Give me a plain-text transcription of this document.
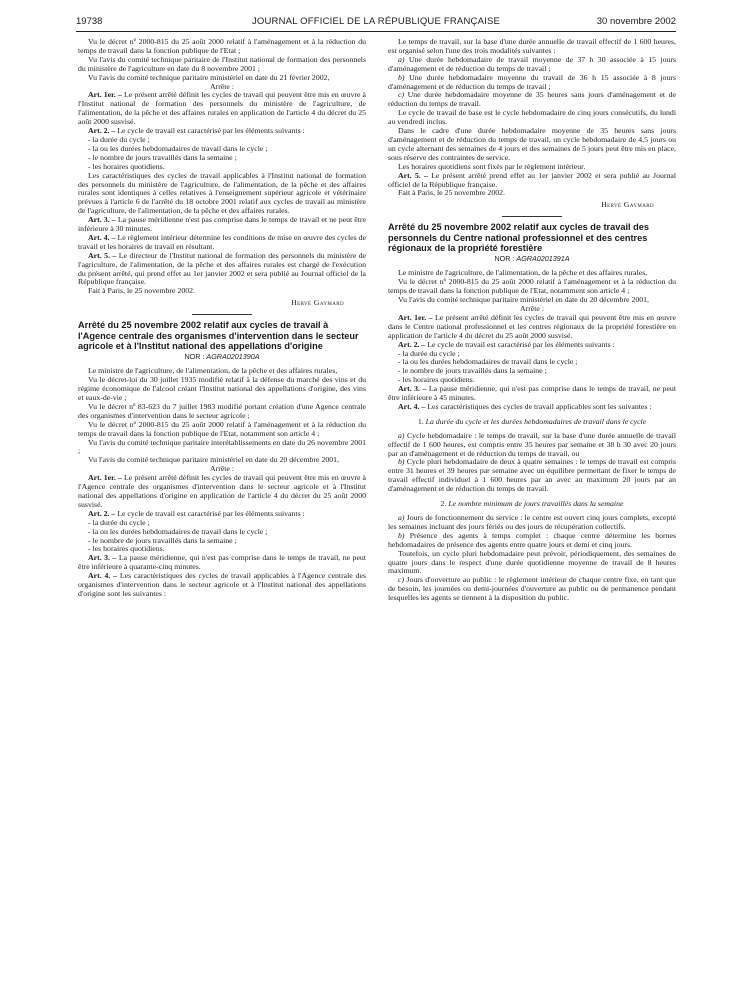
19738	JOURNAL OFFICIEL DE LA RÉPUBLIQUE FRANÇAISE	30 novembre 2002

Vu le décret nº 2000-815 du 25 août 2000 relatif à l'aménagement et à la réduction du temps de travail dans la fonction publique de l'Etat ;

Vu l'avis du comité technique paritaire de l'Institut national de formation des personnels du ministère de l'agriculture en date du 8 novembre 2001 ;

Vu l'avis du comité technique paritaire ministériel en date du 21 février 2002,

Arrête :

Art. 1er. – Le présent arrêté définit les cycles de travail qui peuvent être mis en œuvre à l'Institut national de formation des personnels du ministère de l'agriculture, de l'alimentation, de la pêche et des affaires rurales en application de l'article 4 du décret du 25 août 2000 susvisé.

Art. 2. – Le cycle de travail est caractérisé par les éléments suivants :

- la durée du cycle ;

- la ou les durées hebdomadaires de travail dans le cycle ;

- le nombre de jours travaillés dans la semaine ;

- les horaires quotidiens.

Les caractéristiques des cycles de travail applicables à l'Institut national de formation des personnels du ministère de l'agriculture, de l'alimentation, de la pêche et des affaires rurales sont identiques à celles relatives à l'enseignement supérieur agricole et vétérinaire prévues à l'article 6 de l'arrêté du 18 octobre 2001 relatif aux cycles de travail au ministère de l'agriculture, de l'alimentation, de la pêche et des affaires rurales.

Art. 3. – La pause méridienne n'est pas comprise dans le temps de travail et ne peut être inférieure à 30 minutes.

Art. 4. – Le règlement intérieur détermine les conditions de mise en œuvre des cycles de travail et les horaires de travail en résultant.

Art. 5. – Le directeur de l'Institut national de formation des personnels du ministère de l'agriculture, de l'alimentation, de la pêche et des affaires rurales est chargé de l'exécution du présent arrêté, qui prend effet au 1er janvier 2002 et sera publié au Journal officiel de la République française.

Fait à Paris, le 25 novembre 2002.

Hervé Gaymard

Arrêté du 25 novembre 2002 relatif aux cycles de travail à l'Agence centrale des organismes d'intervention dans le secteur agricole et à l'Institut national des appellations d'origine

NOR : AGRA0201390A

Le ministre de l'agriculture, de l'alimentation, de la pêche et des affaires rurales,

Vu le décret-loi du 30 juillet 1935 modifié relatif à la défense du marché des vins et du régime économique de l'alcool créant l'Institut national des appellations d'origine, des vins et eaux-de-vie ;

Vu le décret nº 83-623 du 7 juillet 1983 modifié portant création d'une Agence centrale des organismes d'intervention dans le secteur agricole ;

Vu le décret nº 2000-815 du 25 août 2000 relatif à l'aménagement et à la réduction du temps de travail dans la fonction publique de l'Etat, notamment son article 4 ;

Vu l'avis du comité technique paritaire interétablissements en date du 26 novembre 2001 ;

Vu l'avis du comité technique paritaire ministériel en date du 20 décembre 2001,

Arrête :

Art. 1er. – Le présent arrêté définit les cycles de travail qui peuvent être mis en œuvre à l'Agence centrale des organismes d'intervention dans le secteur agricole et à l'Institut national des appellations d'origine en application de l'article 4 du décret du 25 août 2000 susvisé.

Art. 2. – Le cycle de travail est caractérisé par les éléments suivants :

- la durée du cycle ;

- la ou les durées hebdomadaires de travail dans le cycle ;

- le nombre de jours travaillés dans la semaine ;

- les horaires quotidiens.

Art. 3. – La pause méridienne, qui n'est pas comprise dans le temps de travail, ne peut être inférieure à quarante-cinq minutes.

Art. 4. – Les caractéristiques des cycles de travail applicables à l'Agence centrale des organismes d'intervention dans le secteur agricole et à l'Institut national des appellations d'origine sont les suivantes :

Le temps de travail, sur la base d'une durée annuelle de travail effectif de 1 600 heures, est organisé selon l'une des trois modalités suivantes :

a) Une durée hebdomadaire de travail moyenne de 37 h 30 associée à 15 jours d'aménagement et de réduction du temps de travail ;

b) Une durée hebdomadaire moyenne du travail de 36 h 15 associée à 8 jours d'aménagement et de réduction du temps de travail ;

c) Une durée hebdomadaire moyenne de 35 heures sans jours d'aménagement et de réduction du temps de travail.

Le cycle de travail de base est le cycle hebdomadaire de cinq jours consécutifs, du lundi au vendredi inclus.

Dans le cadre d'une durée hebdomadaire moyenne de 35 heures sans jours d'aménagement et de réduction du temps de travail, un cycle hebdomadaire de 4,5 jours ou un cycle alternant des semaines de 4 jours et des semaines de 5 jours peut être mis en place, sous réserve des contraintes de service.

Les horaires quotidiens sont fixés par le règlement intérieur.

Art. 5. – Le présent arrêté prend effet au 1er janvier 2002 et sera publié au Journal officiel de la République française.

Fait à Paris, le 25 novembre 2002.

Hervé Gaymard

Arrêté du 25 novembre 2002 relatif aux cycles de travail des personnels du Centre national professionnel et des centres régionaux de la propriété forestière

NOR : AGRA0201391A

Le ministre de l'agriculture, de l'alimentation, de la pêche et des affaires rurales,

Vu le décret nº 2000-815 du 25 août 2000 relatif à l'aménagement et à la réduction du temps de travail dans la fonction publique de l'Etat, notamment son article 4 ;

Vu l'avis du comité technique paritaire ministériel en date du 20 décembre 2001,

Arrête :

Art. 1er. – Le présent arrêté définit les cycles de travail qui peuvent être mis en œuvre dans le Centre national professionnel et les centres régionaux de la propriété forestière en application de l'article 4 du décret du 25 août 2000 susvisé.

Art. 2. – Le cycle de travail est caractérisé par les éléments suivants :

- la durée du cycle ;

- la ou les durées hebdomadaires de travail dans le cycle ;

- le nombre de jours travaillés dans la semaine ;

- les horaires quotidiens.

Art. 3. – La pause méridienne, qui n'est pas comprise dans le temps de travail, ne peut être inférieure à 45 minutes.

Art. 4. – Les caractéristiques des cycles de travail applicables sont les suivantes :

1. La durée du cycle et les durées hebdomadaires de travail dans le cycle

a) Cycle hebdomadaire : le temps de travail, sur la base d'une durée annuelle de travail effectif de 1 600 heures, est compris entre 35 heures par semaine et 38 h 30 avec 20 jours par an d'aménagement et de réduction du temps de travail, ou

b) Cycle pluri hebdomadaire de deux à quatre semaines : le temps de travail est compris entre 31 heures et 39 heures par semaine avec un équilibre permettant de fixer le temps de travail effectif individuel à 1 600 heures par an avec au maximum 20 jours par an d'aménagement et de réduction du temps de travail.

2. Le nombre minimum de jours travaillés dans la semaine

a) Jours de fonctionnement du service : le centre est ouvert cinq jours complets, excepté les semaines incluant des jours fériés ou des jours de récupération collectifs.

b) Présence des agents à temps complet : chaque centre détermine les bornes hebdomadaires de présence des agents entre quatre jours et demi et cinq jours.

Toutefois, un cycle pluri hebdomadaire peut prévoir, périodiquement, des semaines de quatre jours dans le respect d'une durée quotidienne moyenne de travail de 8 heures maximum.

c) Jours d'ouverture au public : le règlement intérieur de chaque centre fixe, en tant que de besoin, les journées ou demi-journées d'ouverture au public ou de permanence pendant lesquelles les agents se tiennent à la disposition du public.
